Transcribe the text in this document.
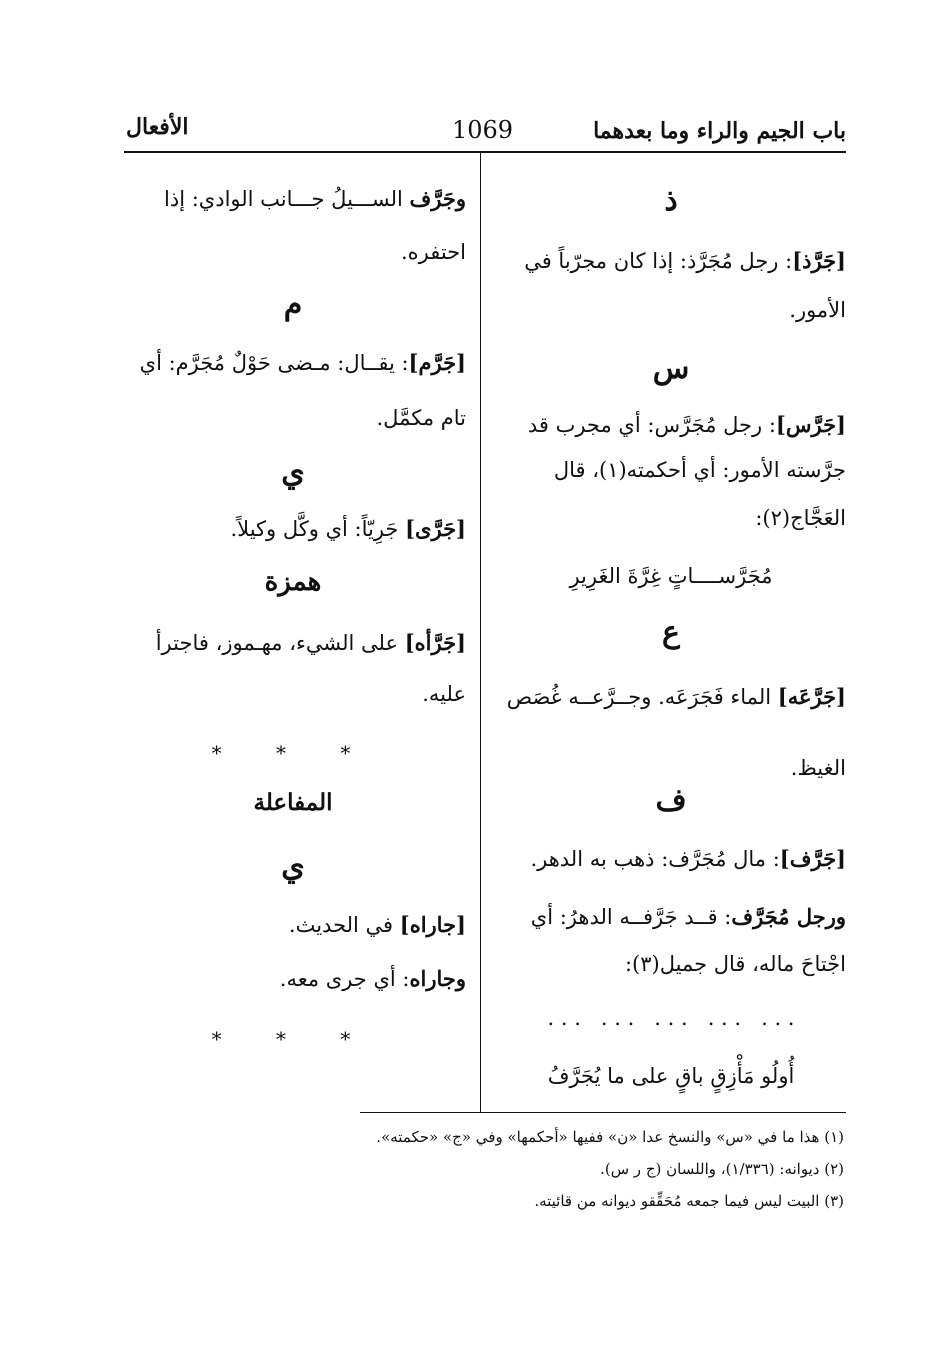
باب الجيم والراء وما بعدهما
1069
الأفعال
ذ
[جَرَّذ]: رجل مُجَرَّذ: إذا كان مجرّباً في
الأمور.
س
[جَرَّس]: رجل مُجَرَّس: أي مجرب قد
جرَّسته الأمور: أي أحكمته(١)، قال
العَجَّاج(٢):
مُجَرَّســــاتٍ غِرَّةَ الغَرِيرِ
ع
[جَرَّعَه] الماء فَجَرَعَه. وجــرَّعــه غُصَص
الغيظ.
ف
[جَرَّف]: مال مُجَرَّف: ذهب به الدهر.
ورجل مُجَرَّف: قــد جَرَّفــه الدهرُ: أي
اجْتاحَ ماله، قال جميل(٣):
. . .   . . .   . . .   . . .   . . .
أُولُو مَأْزِقٍ باقٍ على ما يُجَرَّفُ
وجَرَّف الســـيلُ جـــانب الوادي: إذا
احتفره.
م
[جَرَّم]: يقــال: مـضى حَوْلٌ مُجَرَّم: أي
تام مكمَّل.
ي
[جَرَّى] جَرِيّاً: أي وكَّل وكيلاً.
همزة
[جَرَّأه] على الشيء، مهـموز، فاجترأ
عليه.
* * *
المفاعلة
ي
[جاراه] في الحديث.
وجاراه: أي جرى معه.
* * *
(١) هذا ما في «س» والنسخ عدا «ن» ففيها «أحكمها» وفي «ج» «حكمته».
(٢) ديوانه: (١/٣٣٦)، واللسان (ج ر س).
(٣) البيت ليس فيما جمعه مُحَقِّقو ديوانه من قائيته.
